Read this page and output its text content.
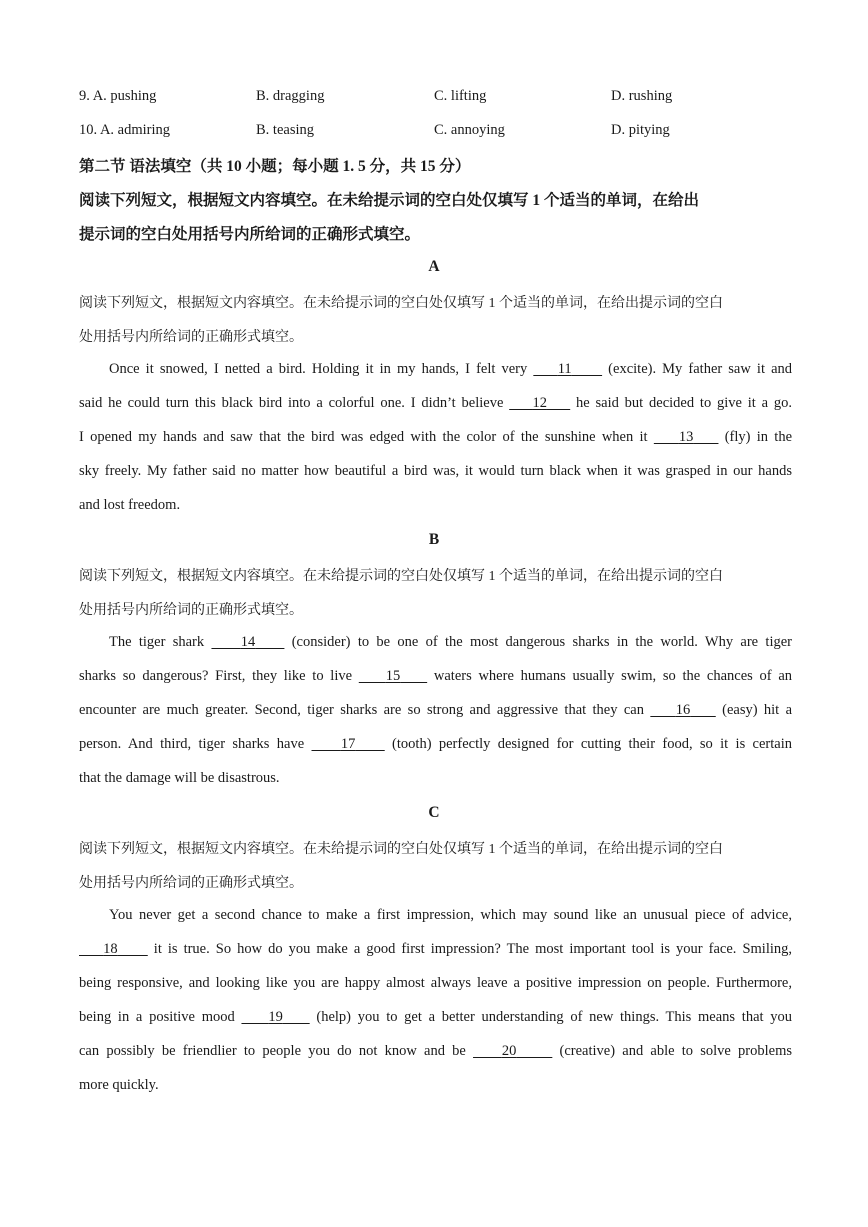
9. A. pushing	B. dragging	C. lifting	D. rushing
10. A. admiring	B. teasing	C. annoying	D. pitying
第二节 语法填空（共 10 小题；每小题 1. 5 分，共 15 分）
阅读下列短文，根据短文内容填空。在未给提示词的空白处仅填写 1 个适当的单词，在给出
提示词的空白处用括号内所给词的正确形式填空。
A
阅读下列短文，根据短文内容填空。在未给提示词的空白处仅填写 1 个适当的单词，在给出提示词的空白
处用括号内所给词的正确形式填空。
Once it snowed, I netted a bird. Holding it in my hands, I felt very     11      (excite). My father saw it and
said he could turn this black bird into a colorful one. I didn’t believe     12     he said but decided to give it a go.
I opened my hands and saw that the bird was edged with the color of the sunshine when it     13     (fly) in the
sky freely. My father said no matter how beautiful a bird was, it would turn black when it was grasped in our hands
and lost freedom.
B
阅读下列短文，根据短文内容填空。在未给提示词的空白处仅填写 1 个适当的单词，在给出提示词的空白
处用括号内所给词的正确形式填空。
The tiger shark     14     (consider) to be one of the most dangerous sharks in the world. Why are tiger
sharks so dangerous? First, they like to live     15     waters where humans usually swim, so the chances of an
encounter are much greater. Second, tiger sharks are so strong and aggressive that they can     16     (easy) hit a
person. And third, tiger sharks have     17     (tooth) perfectly designed for cutting their food, so it is certain
that the damage will be disastrous.
C
阅读下列短文，根据短文内容填空。在未给提示词的空白处仅填写 1 个适当的单词，在给出提示词的空白
处用括号内所给词的正确形式填空。
You never get a second chance to make a first impression, which may sound like an unusual piece of advice,
18      it is true. So how do you make a good first impression? The most important tool is your face. Smiling,
being responsive, and looking like you are happy almost always leave a positive impression on people. Furthermore,
being in a positive mood     19     (help) you to get a better understanding of new things. This means that you
can possibly be friendlier to people you do not know and be     20      (creative) and able to solve problems
more quickly.
